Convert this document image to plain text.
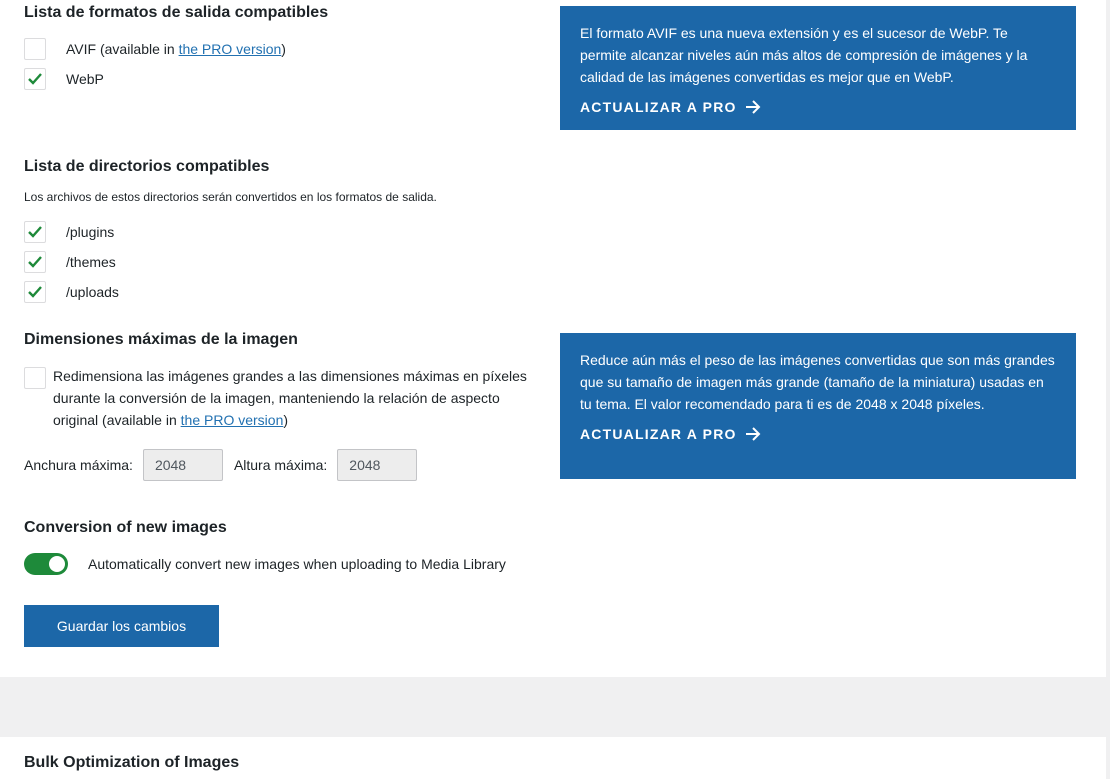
Lista de formatos de salida compatibles
AVIF (available in the PRO version)
WebP
El formato AVIF es una nueva extensión y es el sucesor de WebP. Te permite alcanzar niveles aún más altos de compresión de imágenes y la calidad de las imágenes convertidas es mejor que en WebP.
ACTUALIZAR A PRO
Lista de directorios compatibles
Los archivos de estos directorios serán convertidos en los formatos de salida.
/plugins
/themes
/uploads
Dimensiones máximas de la imagen
Redimensiona las imágenes grandes a las dimensiones máximas en píxeles durante la conversión de la imagen, manteniendo la relación de aspecto original (available in the PRO version)
Anchura máxima:
2048	Altura máxima:
2048
Reduce aún más el peso de las imágenes convertidas que son más grandes que su tamaño de imagen más grande (tamaño de la miniatura) usadas en tu tema. El valor recomendado para ti es de 2048 x 2048 píxeles.
ACTUALIZAR A PRO
Conversion of new images
Automatically convert new images when uploading to Media Library
Guardar los cambios
Bulk Optimization of Images
